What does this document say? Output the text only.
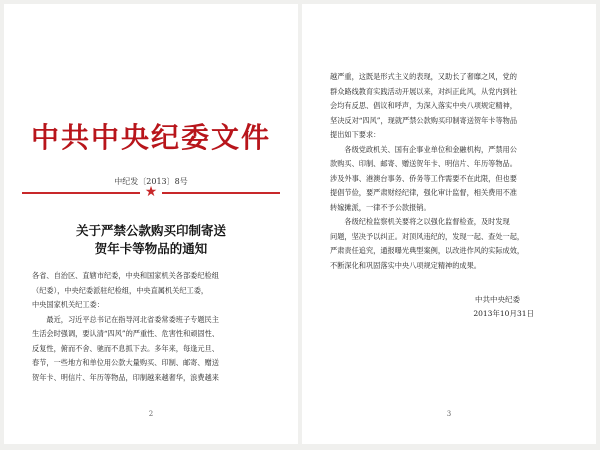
中共中央纪委文件
中纪发〔2013〕8号
★
关于严禁公款购买印制寄送
贺年卡等物品的通知

各省、自治区、直辖市纪委，中央和国家机关各部委纪检组

（纪委），中央纪委派驻纪检组，中央直属机关纪工委，

中央国家机关纪工委：

最近，习近平总书记在指导河北省委常委班子专题民主

生活会时强调，要认清“四风”的严重性、危害性和顽固性、

反复性，俯而不舍、驰而不息抓下去。多年来，每逢元旦、

春节，一些地方和单位用公款大量购买、印制、邮寄、赠送

贺年卡、明信片、年历等物品，印制越来越奢华，浪费越来

2

越严重，这既是形式主义的表现，又助长了奢靡之风，党的

群众路线教育实践活动开展以来，对纠正此风，从党内到社

会均有反思、倡议和呼声，为深入落实中央八项规定精神，

坚决反对“四风”，现就严禁公款购买印制寄送贺年卡等物品

提出如下要求：

各级党政机关、国有企事业单位和金融机构，严禁用公

款购买、印制、邮寄、赠送贺年卡、明信片、年历等物品。

涉及外事、港澳台事务、侨务等工作需要不在此限，但也要

提倡节俭，要严肃财经纪律，强化审计监督，相关费用不准

转嫁摊派，一律不予公款报销。

各级纪检监察机关要将之以强化监督检查，及时发现

问题，坚决予以纠正。对顶风违纪的，发现一起、查处一起，

严肃责任追究，通报曝光典型案例，以改进作风的实际成效，

不断深化和巩固落实中央八项规定精神的成果。

中共中央纪委
2013年10月31日
3
